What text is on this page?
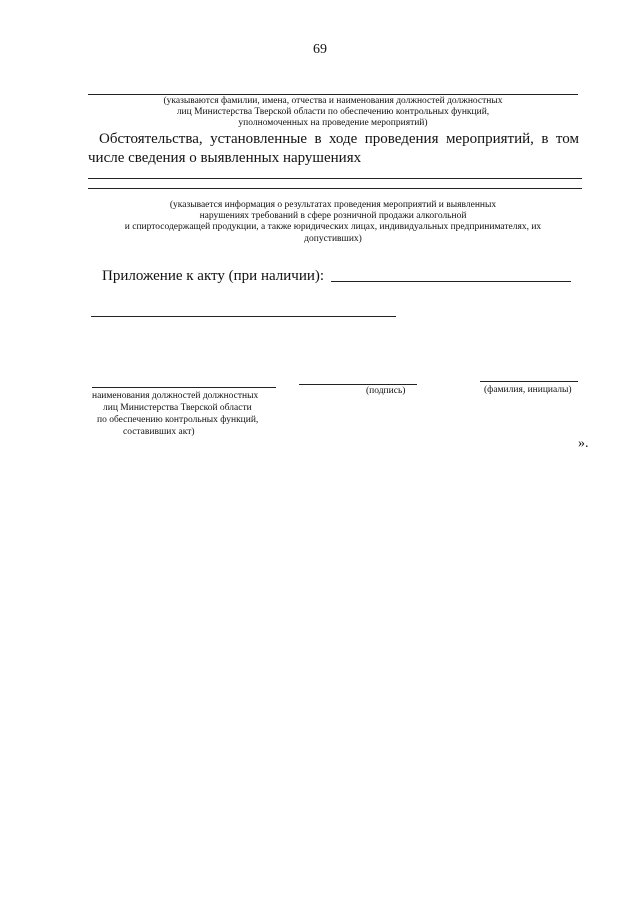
69
(указываются фамилии, имена, отчества и наименования должностей должностных
лиц Министерства Тверской области по обеспечению контрольных функций,
уполномоченных на проведение мероприятий)
Обстоятельства, установленные в ходе проведения мероприятий, в том
числе сведения о выявленных нарушениях
(указывается информация о результатах проведения мероприятий и выявленных
нарушениях требований в сфере розничной продажи алкогольной
и спиртосодержащей продукции, а также юридических лицах, индивидуальных предпринимателях, их
допустивших)
Приложение к акту (при наличии):
наименования должностей должностных
лиц Министерства Тверской области
по обеспечению контрольных функций,
составивших акт)
(подпись)	(фамилия, инициалы)
».
